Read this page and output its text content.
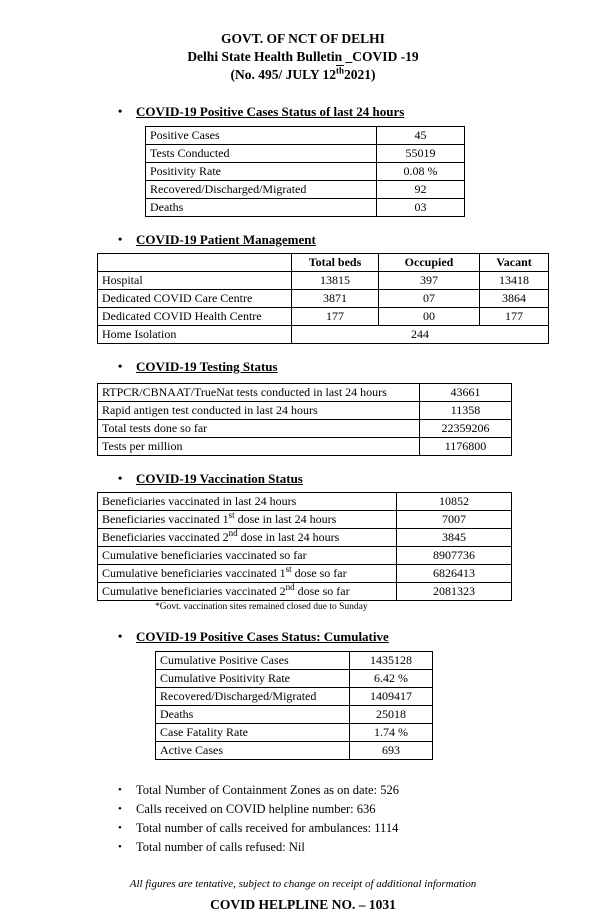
GOVT. OF NCT OF DELHI
Delhi State Health Bulletin _COVID -19
(No. 495/ JULY 12th2021)
• COVID-19 Positive Cases Status of last 24 hours
Positive Cases	45
Tests Conducted	55019
Positivity Rate	0.08 %
Recovered/Discharged/Migrated	92
Deaths	03
• COVID-19 Patient Management
	Total beds	Occupied	Vacant
Hospital	13815	397	13418
Dedicated COVID Care Centre	3871	07	3864
Dedicated COVID Health Centre	177	00	177
Home Isolation	244		
• COVID-19 Testing Status
RTPCR/CBNAAT/TrueNat tests conducted in last 24 hours	43661
Rapid antigen test conducted in last 24 hours	11358
Total tests done so far	22359206
Tests per million	1176800
• COVID-19 Vaccination Status
Beneficiaries vaccinated in last 24 hours	10852
Beneficiaries vaccinated 1st dose in last 24 hours	7007
Beneficiaries vaccinated 2nd dose in last 24 hours	3845
Cumulative beneficiaries vaccinated so far	8907736
Cumulative beneficiaries vaccinated 1st dose so far	6826413
Cumulative beneficiaries vaccinated 2nd dose so far	2081323
*Govt. vaccination sites remained closed due to Sunday
• COVID-19 Positive Cases Status: Cumulative
Cumulative Positive Cases	1435128
Cumulative Positivity Rate	6.42 %
Recovered/Discharged/Migrated	1409417
Deaths	25018
Case Fatality Rate	1.74 %
Active Cases	693
• Total Number of Containment Zones as on date: 526
• Calls received on COVID helpline number: 636
• Total number of calls received for ambulances: 1114
• Total number of calls refused: Nil
All figures are tentative, subject to change on receipt of additional information
COVID HELPLINE NO. – 1031
